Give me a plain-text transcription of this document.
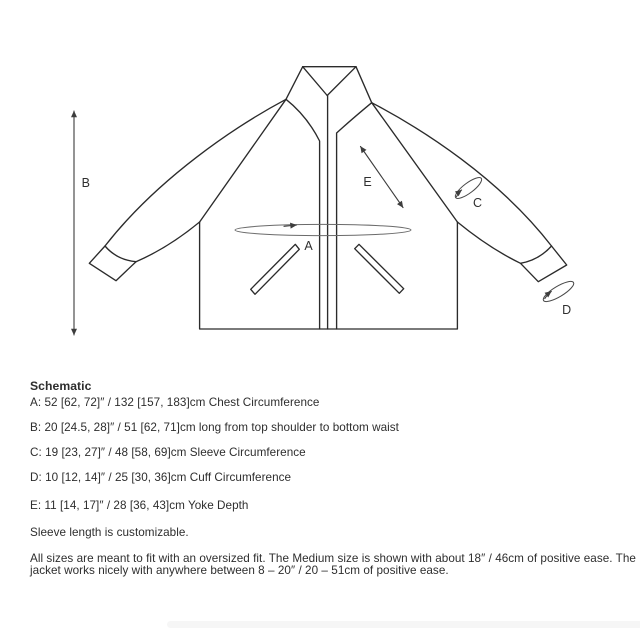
A
B
C
D
E
Schematic
A: 52 [62, 72]″ / 132 [157, 183]cm Chest Circumference
B: 20 [24.5, 28]″ / 51 [62, 71]cm long from top shoulder to bottom waist
C: 19 [23, 27]″ / 48 [58, 69]cm Sleeve Circumference
D: 10 [12, 14]″ / 25 [30, 36]cm Cuff Circumference
E: 11 [14, 17]″ / 28 [36, 43]cm Yoke Depth
Sleeve length is customizable.
All sizes are meant to fit with an oversized fit. The Medium size is shown with about 18″ / 46cm of positive ease. The
jacket works nicely with anywhere between 8 – 20″ / 20 – 51cm of positive ease.
